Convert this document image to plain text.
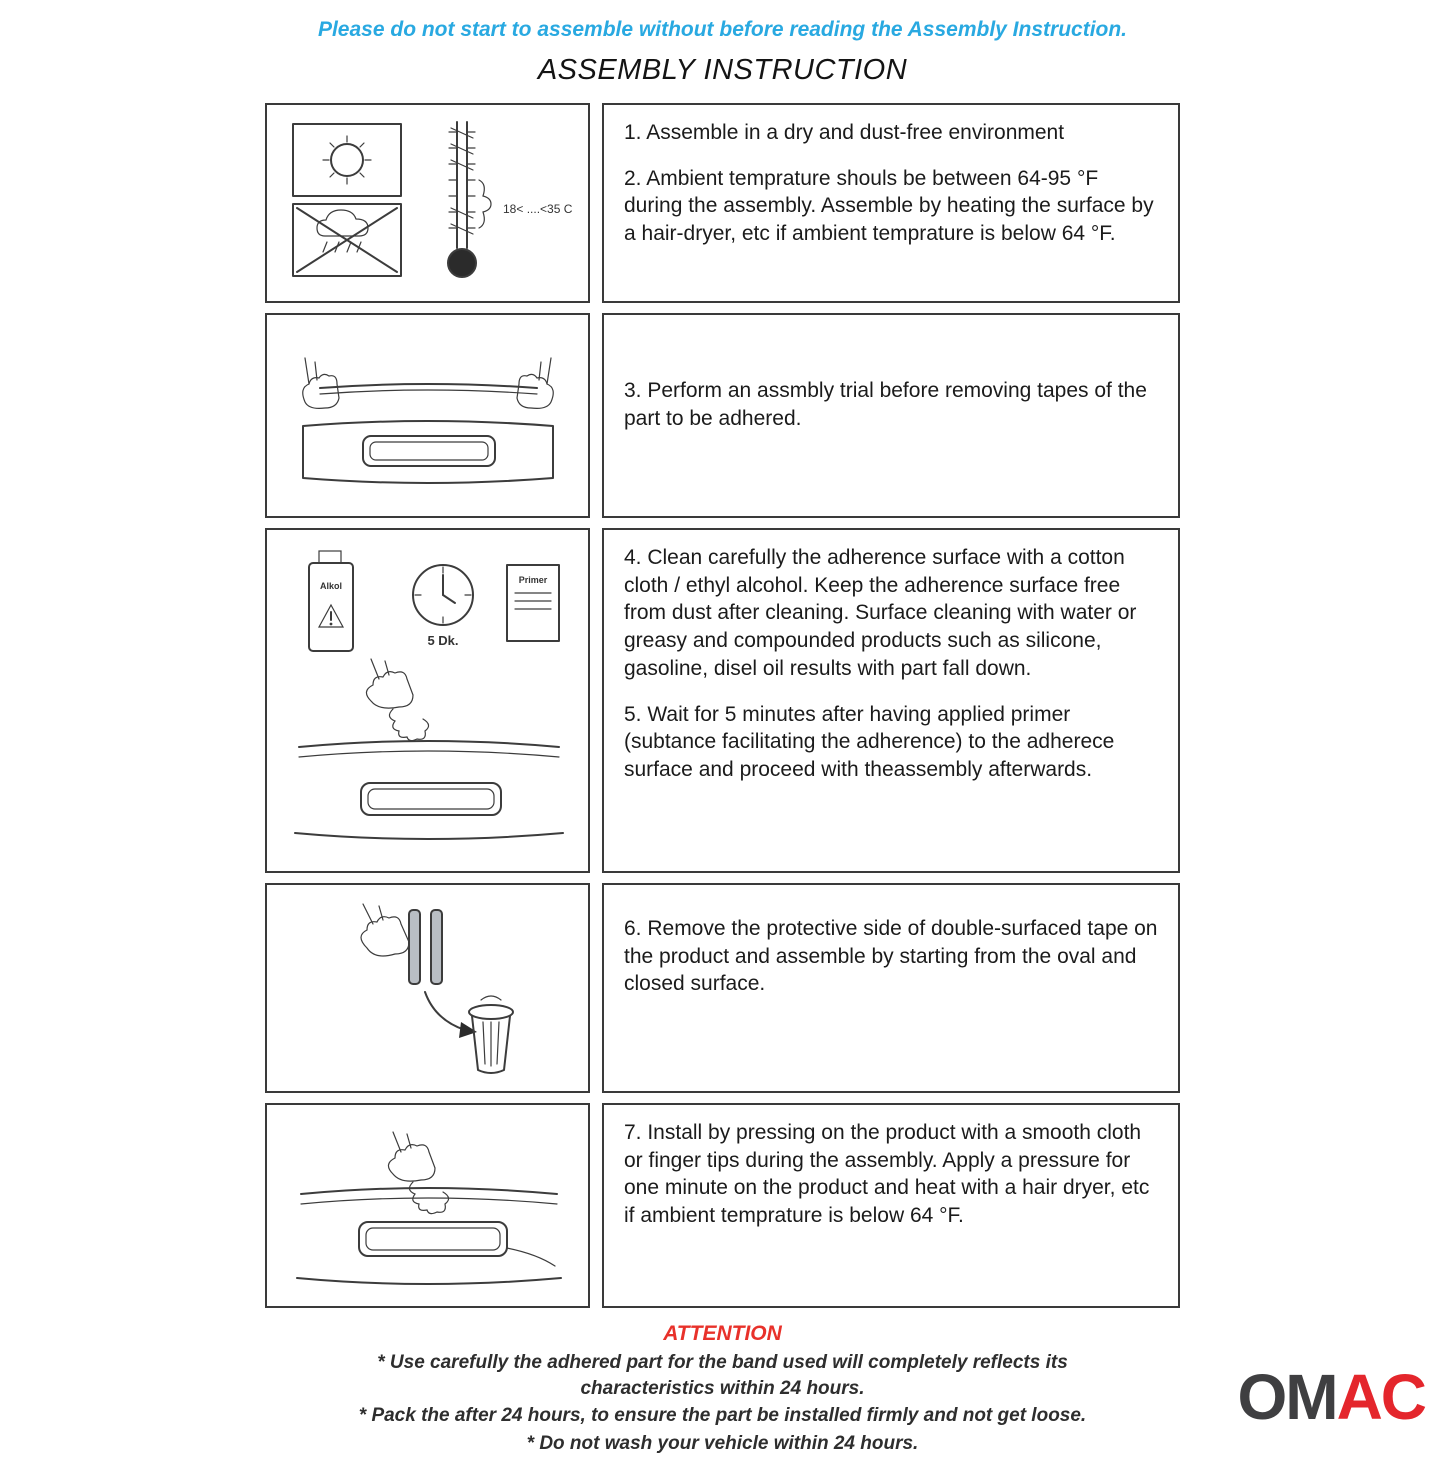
Please do not start to assemble without before reading the Assembly Instruction.
ASSEMBLY INSTRUCTION
18< ....<35 C

1. Assemble in a dry and dust-free environment

2. Ambient temprature shouls be between 64-95 °F during the assembly. Assemble by heating the surface by a hair-dryer, etc if ambient temprature is below 64 °F.

3. Perform an assmbly trial before removing tapes of the part to be adhered.

Alkol
5 Dk.
Primer

4. Clean carefully the adherence surface with a cotton cloth / ethyl alcohol. Keep the adherence surface free from dust after cleaning. Surface cleaning with water or greasy and compounded products such as silicone, gasoline, disel oil results with part fall down.

5. Wait for 5 minutes after having applied primer (subtance facilitating the adherence) to the adherece surface and proceed with theassembly afterwards.

6. Remove the protective side of double-surfaced tape on the product and assemble by starting from the oval and closed surface.

7. Install by pressing on the product with a smooth cloth or finger tips during the assembly. Apply a pressure for one minute on the product and heat with a hair dryer, etc if ambient temprature is below 64 °F.

ATTENTION
* Use carefully the adhered part for the band used will completely reflects its characteristics within 24 hours.
* Pack the after 24 hours, to ensure the part be installed firmly and not get loose.
* Do not wash your vehicle within 24 hours.
OMAC
